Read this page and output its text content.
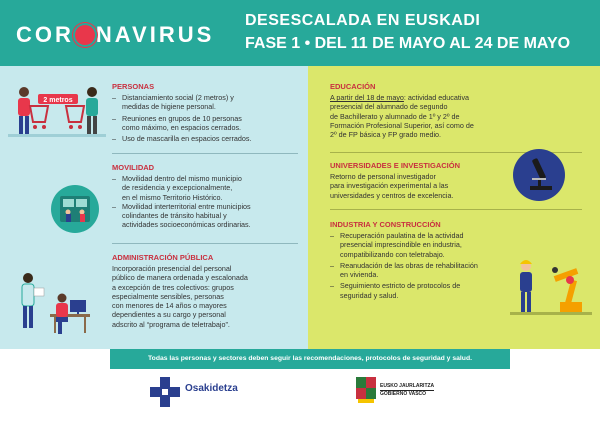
COR NAVIRUS
DESESCALADA EN EUSKADI
FASE 1 • DEL 11 DE MAYO AL 24 DE MAYO
2 metros
PERSONAS
– Distanciamiento social (2 metros) y
medidas de higiene personal.
– Reuniones en grupos de 10 personas
como máximo, en espacios cerrados.
– Uso de mascarilla en espacios cerrados.
MOVILIDAD
– Movilidad dentro del mismo municipio
de residencia y excepcionalmente,
en el mismo Territorio Histórico.
– Movilidad interterritorial entre municipios
colindantes de tránsito habitual y
actividades socioeconómicas ordinarias.
ADMINISTRACIÓN PÚBLICA
Incorporación presencial del personal
público de manera ordenada y escalonada
a excepción de tres colectivos: grupos
especialmente sensibles, personas
con menores de 14 años o mayores
dependientes a su cargo y personal
adscrito al “programa de teletrabajo”.
EDUCACIÓN
A partir del 18 de mayo: actividad educativa
presencial del alumnado de segundo
de Bachillerato y alumnado de 1º y 2º de
Formación Profesional Superior, así como de
2º de FP básica y FP grado medio.
UNIVERSIDADES E INVESTIGACIÓN
Retorno de personal investigador
para investigación experimental a las
universidades y centros de excelencia.
INDUSTRIA Y CONSTRUCCIÓN
– Recuperación paulatina de la actividad
presencial imprescindible en industria,
compatibilizando con teletrabajo.
– Reanudación de las obras de rehabilitación
en vivienda.
– Seguimiento estricto de protocolos de
seguridad y salud.
Todas las personas y sectores deben seguir las recomendaciones, protocolos de seguridad y salud.
Osakidetza	EUSKO JAURLARITZA
GOBIERNO VASCO
